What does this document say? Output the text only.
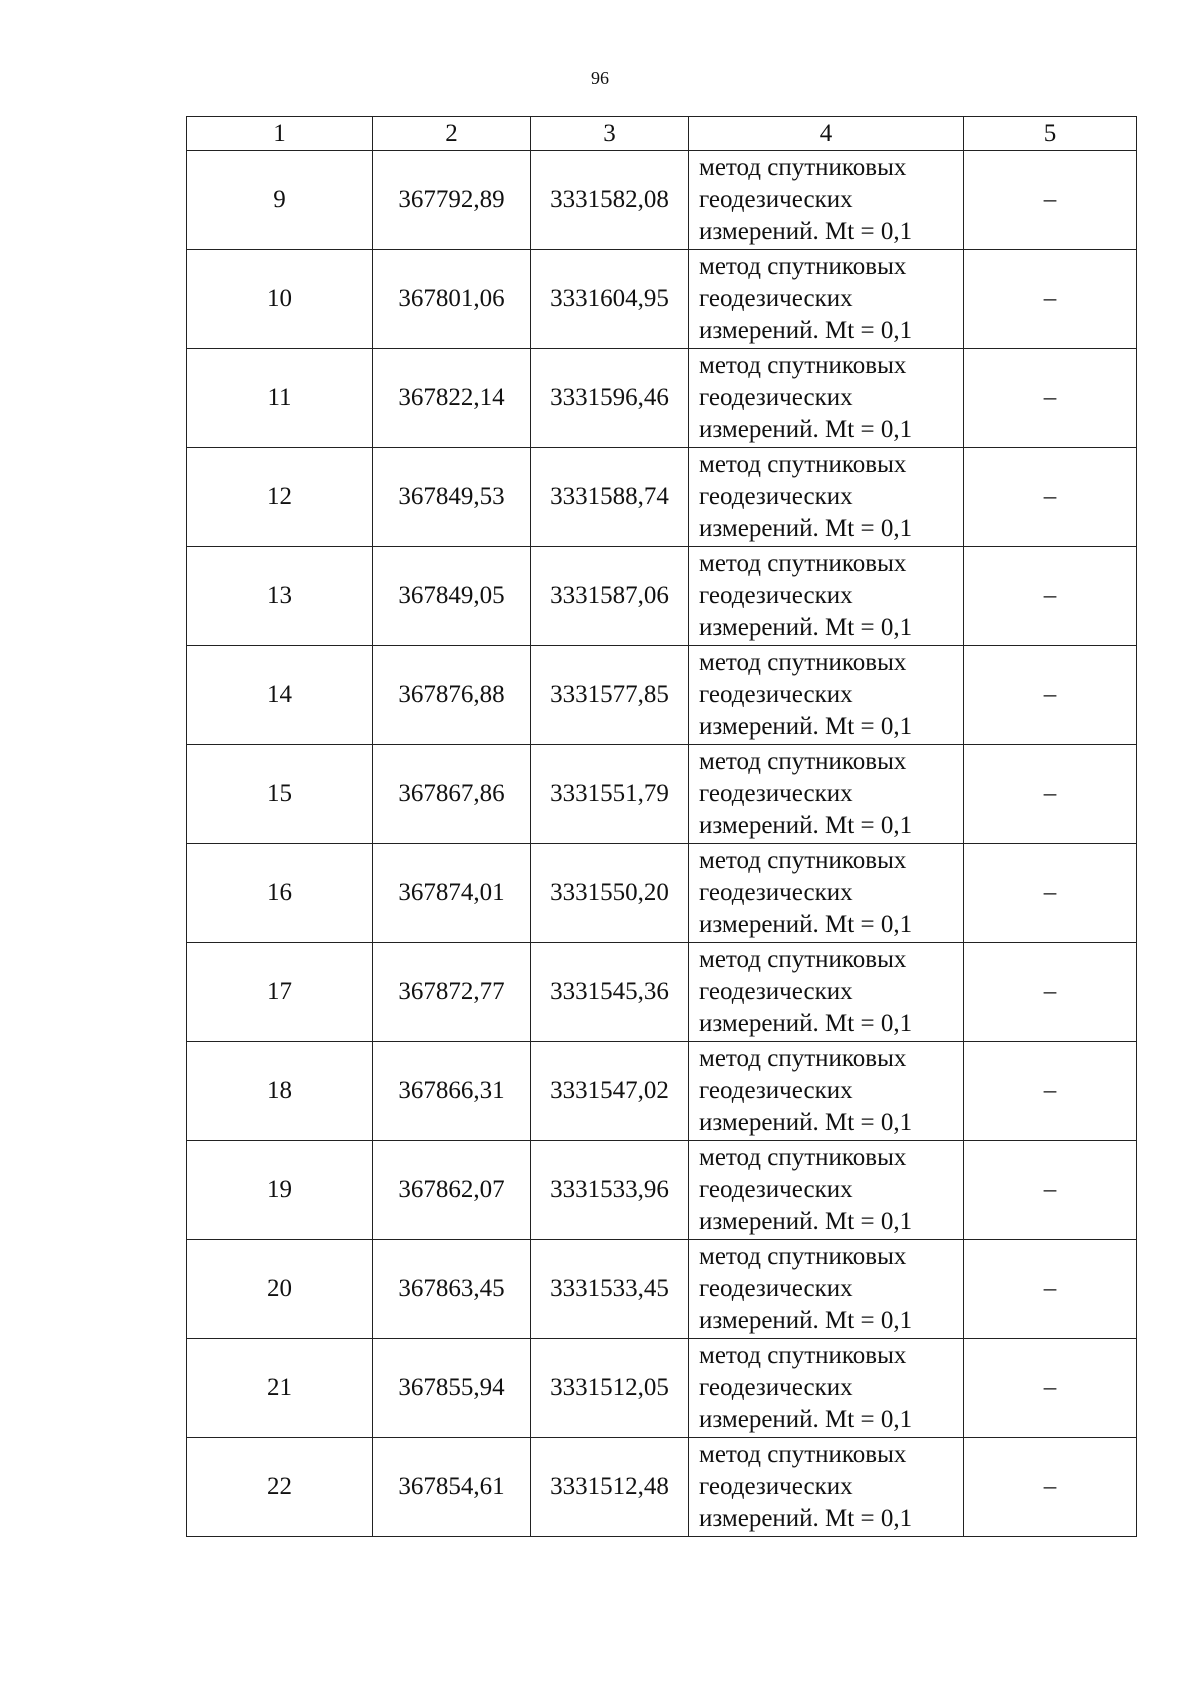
96
1	2	3	4	5
9	367792,89	3331582,08	метод спутниковых
геодезических
измерений. Mt = 0,1	–
10	367801,06	3331604,95	метод спутниковых
геодезических
измерений. Mt = 0,1	–
11	367822,14	3331596,46	метод спутниковых
геодезических
измерений. Mt = 0,1	–
12	367849,53	3331588,74	метод спутниковых
геодезических
измерений. Mt = 0,1	–
13	367849,05	3331587,06	метод спутниковых
геодезических
измерений. Mt = 0,1	–
14	367876,88	3331577,85	метод спутниковых
геодезических
измерений. Mt = 0,1	–
15	367867,86	3331551,79	метод спутниковых
геодезических
измерений. Mt = 0,1	–
16	367874,01	3331550,20	метод спутниковых
геодезических
измерений. Mt = 0,1	–
17	367872,77	3331545,36	метод спутниковых
геодезических
измерений. Mt = 0,1	–
18	367866,31	3331547,02	метод спутниковых
геодезических
измерений. Mt = 0,1	–
19	367862,07	3331533,96	метод спутниковых
геодезических
измерений. Mt = 0,1	–
20	367863,45	3331533,45	метод спутниковых
геодезических
измерений. Mt = 0,1	–
21	367855,94	3331512,05	метод спутниковых
геодезических
измерений. Mt = 0,1	–
22	367854,61	3331512,48	метод спутниковых
геодезических
измерений. Mt = 0,1	–
